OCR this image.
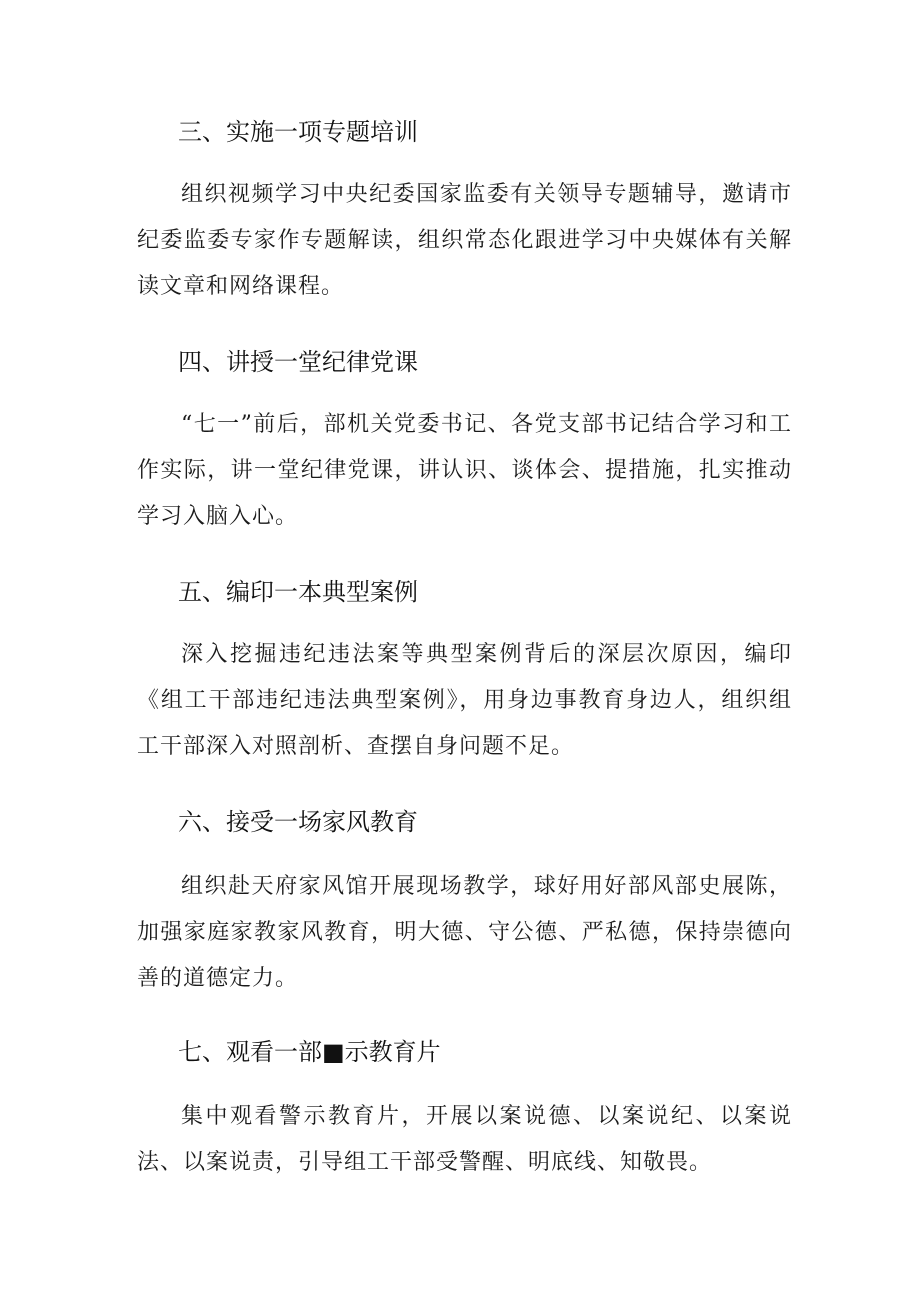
三、实施一项专题培训

组织视频学习中央纪委国家监委有关领导专题辅导，邀请市纪委监委专家作专题解读，组织常态化跟进学习中央媒体有关解读文章和网络课程。

四、讲授一堂纪律党课

“七一”前后，部机关党委书记、各党支部书记结合学习和工作实际，讲一堂纪律党课，讲认识、谈体会、提措施，扎实推动学习入脑入心。

五、编印一本典型案例

深入挖掘违纪违法案等典型案例背后的深层次原因，编印《组工干部违纪违法典型案例》，用身边事教育身边人，组织组工干部深入对照剖析、查摆自身问题不足。

六、接受一场家风教育

组织赴天府家风馆开展现场教学，球好用好部风部史展陈，加强家庭家教家风教育，明大德、守公德、严私德，保持崇德向善的道德定力。

七、观看一部■示教育片

集中观看警示教育片，开展以案说德、以案说纪、以案说法、以案说责，引导组工干部受警醒、明底线、知敬畏。
